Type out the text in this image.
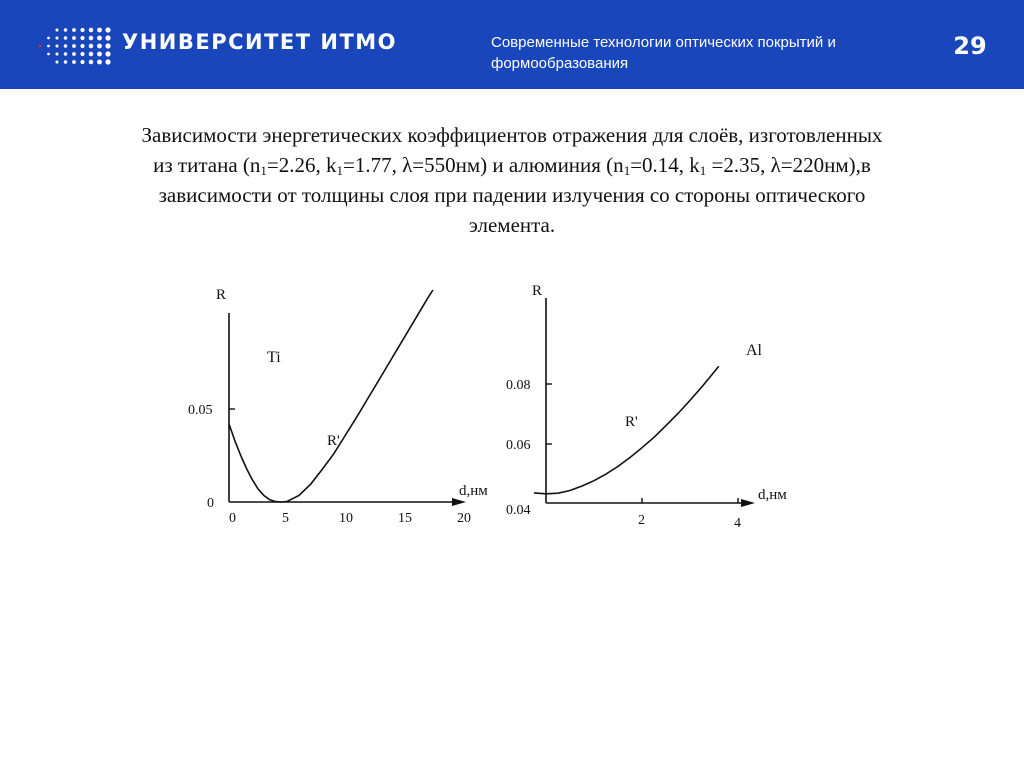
УНИВЕРСИТЕТ ИТМО	Современные технологии оптических покрытий и формообразования
29
Зависимости энергетических коэффициентов отражения для слоёв, изготовленных
из титана ($n_1=2.26$, $k_1=1.77$, λ=550нм) и алюминия ($n_1=0.14$, $k_1 =2.35$, λ=220нм),в
зависимости от толщины слоя при падении излучения со стороны оптического
элемента.
R
d,нм
Ti
R'
0.05
0
0	5	10	15	20
R
d,нм
Al
R'
0.08
0.06
0.04
2	4
